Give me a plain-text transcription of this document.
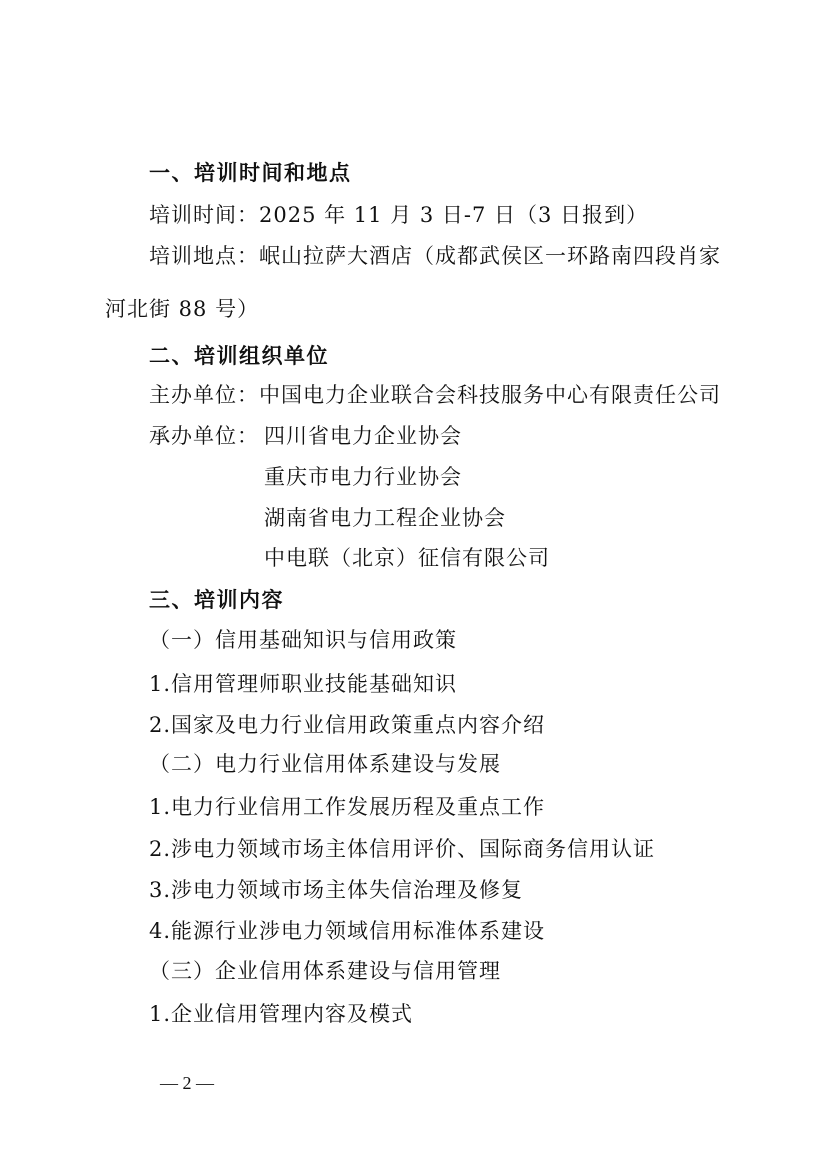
一、培训时间和地点
培训时间：2025 年 11 月 3 日-7 日（3 日报到）
培训地点：岷山拉萨大酒店（成都武侯区一环路南四段肖家
河北街 88 号）
二、培训组织单位
主办单位：中国电力企业联合会科技服务中心有限责任公司
承办单位： 四川省电力企业协会
重庆市电力行业协会
湖南省电力工程企业协会
中电联（北京）征信有限公司
三、培训内容
（一）信用基础知识与信用政策
1.信用管理师职业技能基础知识
2.国家及电力行业信用政策重点内容介绍
（二）电力行业信用体系建设与发展
1.电力行业信用工作发展历程及重点工作
2.涉电力领域市场主体信用评价、国际商务信用认证
3.涉电力领域市场主体失信治理及修复
4.能源行业涉电力领域信用标准体系建设
（三）企业信用体系建设与信用管理
1.企业信用管理内容及模式
— 2 —
